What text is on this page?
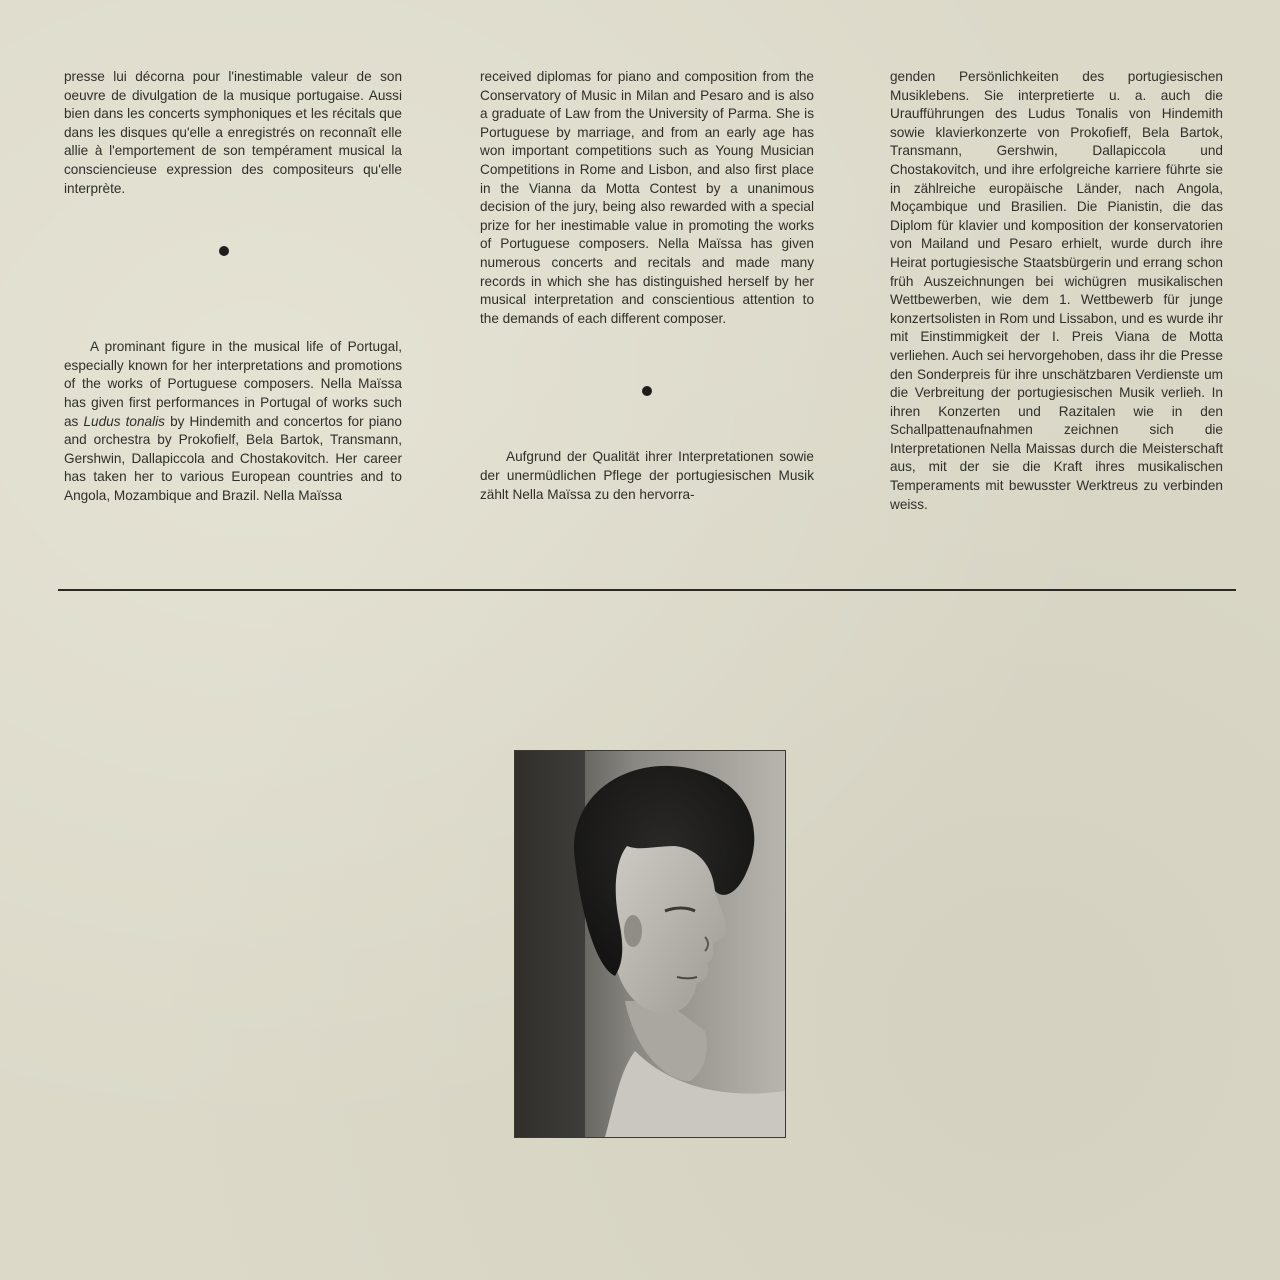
presse lui décorna pour l'inestimable valeur de son oeuvre de divulgation de la musique portugaise. Aussi bien dans les concerts symphoniques et les récitals que dans les disques qu'elle a enregistrés on reconnaît elle allie à l'emportement de son tempérament musical la consciencieuse expression des compositeurs qu'elle interprète.

A prominant figure in the musical life of Portugal, especially known for her interpretations and promotions of the works of Portuguese composers. Nella Maïssa has given first performances in Portugal of works such as Ludus tonalis by Hindemith and concertos for piano and orchestra by Prokofielf, Bela Bartok, Transmann, Gershwin, Dallapiccola and Chostakovitch. Her career has taken her to various European countries and to Angola, Mozambique and Brazil. Nella Maïssa

received diplomas for piano and composition from the Conservatory of Music in Milan and Pesaro and is also a graduate of Law from the University of Parma. She is Portuguese by marriage, and from an early age has won important competitions such as Young Musician Competitions in Rome and Lisbon, and also first place in the Vianna da Motta Contest by a unanimous decision of the jury, being also rewarded with a special prize for her inestimable value in promoting the works of Portuguese composers. Nella Maïssa has given numerous concerts and recitals and made many records in which she has distinguished herself by her musical interpretation and conscientious attention to the demands of each different composer.

Aufgrund der Qualität ihrer Interpretationen sowie der unermüdlichen Pflege der portugiesischen Musik zählt Nella Maïssa zu den hervorra-

genden Persönlichkeiten des portugiesischen Musiklebens. Sie interpretierte u. a. auch die Uraufführungen des Ludus Tonalis von Hindemith sowie klavierkonzerte von Prokofieff, Bela Bartok, Transmann, Gershwin, Dallapiccola und Chostakovitch, und ihre erfolgreiche karriere führte sie in zählreiche europäische Länder, nach Angola, Moçambique und Brasilien. Die Pianistin, die das Diplom für klavier und komposition der konservatorien von Mailand und Pesaro erhielt, wurde durch ihre Heirat portugiesische Staatsbürgerin und errang schon früh Auszeichnungen bei wichügren musikalischen Wettbewerben, wie dem 1. Wettbewerb für junge konzertsolisten in Rom und Lissabon, und es wurde ihr mit Einstimmigkeit der I. Preis Viana de Motta verliehen. Auch sei hervorgehoben, dass ihr die Presse den Sonderpreis für ihre unschätzbaren Verdienste um die Verbreitung der portugiesischen Musik verlieh. In ihren Konzerten und Razitalen wie in den Schallpattenaufnahmen zeichnen sich die Interpretationen Nella Maissas durch die Meisterschaft aus, mit der sie die Kraft ihres musikalischen Temperaments mit bewusster Werktreus zu verbinden weiss.
